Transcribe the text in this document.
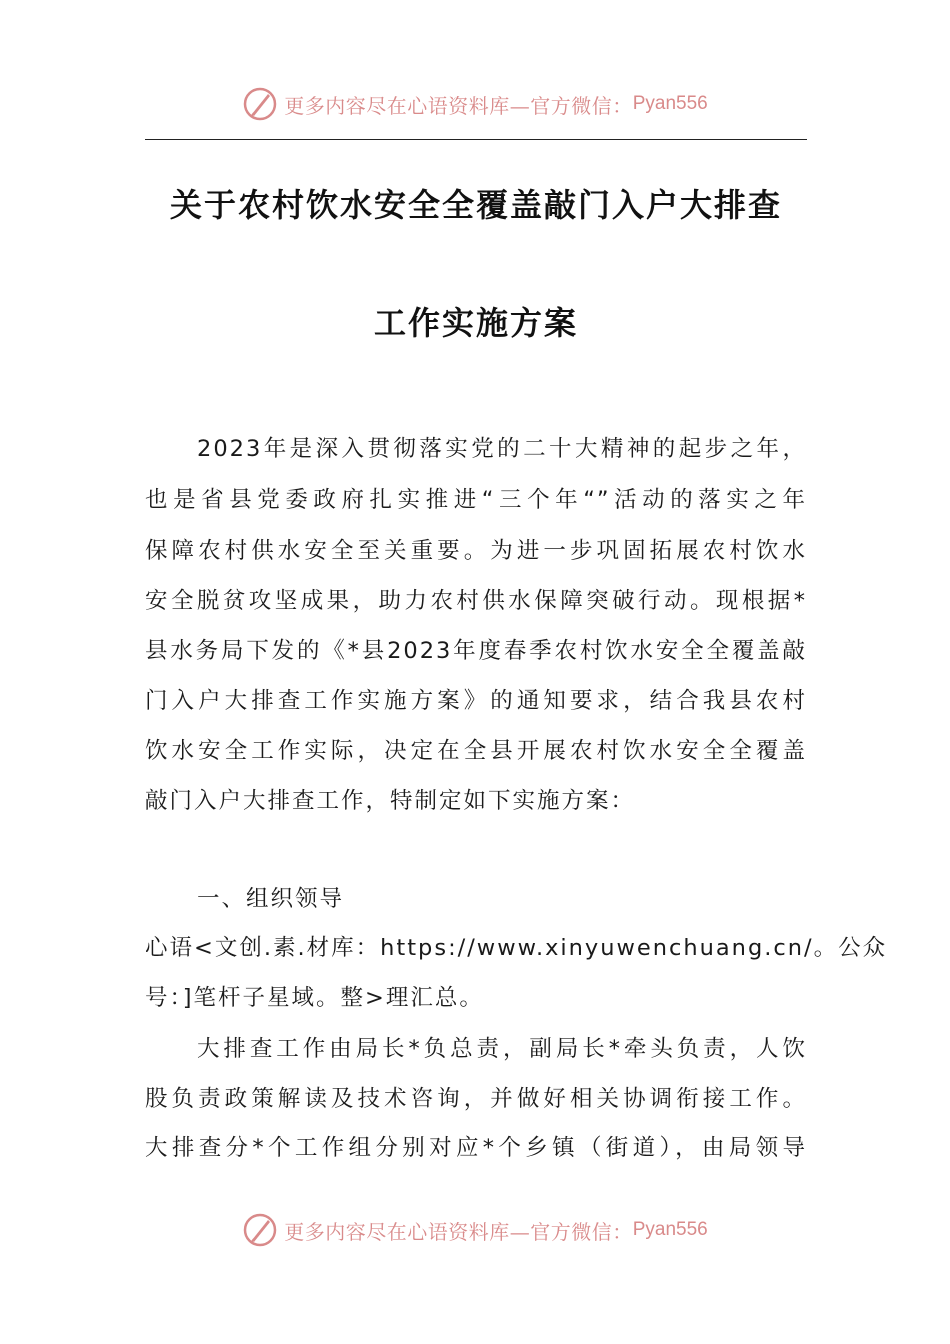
更多内容尽在心语资料库—官方微信： Pyan556
关于农村饮水安全全覆盖敲门入户大排查
工作实施方案
2023年是深入贯彻落实党的二十大精神的起步之年，
也是省县党委政府扎实推进“三个年“”活动的落实之年
保障农村供水安全至关重要。为进一步巩固拓展农村饮水
安全脱贫攻坚成果，助力农村供水保障突破行动。现根据*
县水务局下发的《*县2023年度春季农村饮水安全全覆盖敲
门入户大排查工作实施方案》的通知要求，结合我县农村
饮水安全工作实际，决定在全县开展农村饮水安全全覆盖
敲门入户大排查工作，特制定如下实施方案：
一、组织领导
心语<文创.素.材库：https://www.xinyuwenchuang.cn/。公众
号：]笔杆子星域。整>理汇总。
大排查工作由局长*负总责，副局长*牵头负责，人饮
股负责政策解读及技术咨询，并做好相关协调衔接工作。
大排查分*个工作组分别对应*个乡镇（街道），由局领导
更多内容尽在心语资料库—官方微信： Pyan556
